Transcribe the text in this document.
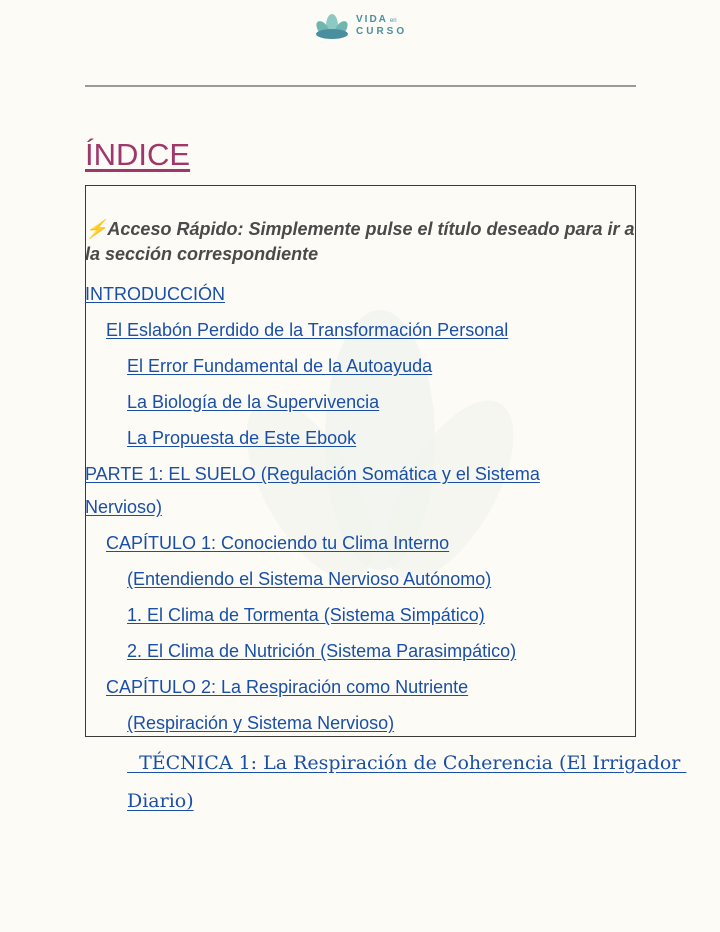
VIDA en
CURSO
ÍNDICE
⚡Acceso Rápido: Simplemente pulse el título deseado para ir a la sección correspondiente
INTRODUCCIÓN
El Eslabón Perdido de la Transformación Personal
El Error Fundamental de la Autoayuda
La Biología de la Supervivencia
La Propuesta de Este Ebook
PARTE 1: EL SUELO (Regulación Somática y el Sistema
Nervioso)
CAPÍTULO 1: Conociendo tu Clima Interno
(Entendiendo el Sistema Nervioso Autónomo)
1. El Clima de Tormenta (Sistema Simpático)
2. El Clima de Nutrición (Sistema Parasimpático)
CAPÍTULO 2: La Respiración como Nutriente
(Respiración y Sistema Nervioso)
TÉCNICA 1: La Respiración de Coherencia (El Irrigador
Diario)
